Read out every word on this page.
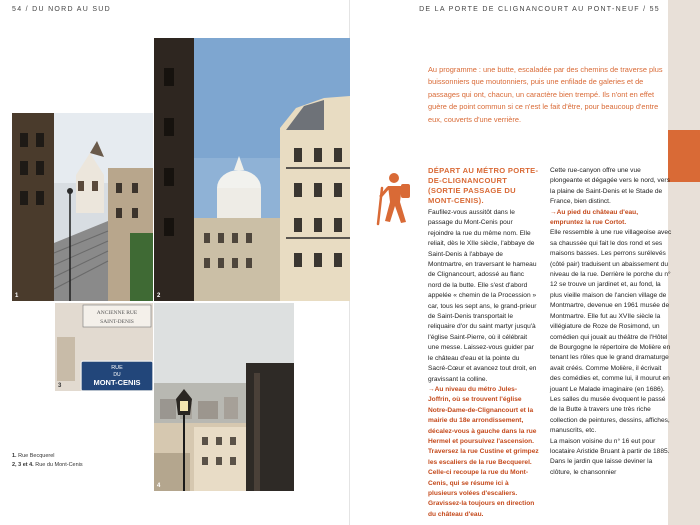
54 / DU NORD AU SUD	DE LA PORTE DE CLIGNANCOURT AU PONT-NEUF / 55
1	2
ANCIENNE RUE
SAINT-DENIS
RUE
DU
MONT-CENIS
3
4
1. Rue Becquerel
2, 3 et 4. Rue du Mont-Cenis
Au programme : une butte, escaladée par des chemins de traverse plus buissonniers que moutonniers, puis une enfilade de galeries et de passages qui ont, chacun, un caractère bien trempé. Ils n'ont en effet guère de point commun si ce n'est le fait d'être, pour beaucoup d'entre eux, couverts d'une verrière.
DÉPART AU MÉTRO PORTE-DE-CLIGNANCOURT (SORTIE PASSAGE DU MONT-CENIS).

Faufilez-vous aussitôt dans le passage du Mont-Cenis pour rejoindre la rue du même nom. Elle reliait, dès le XIIe siècle, l'abbaye de Saint-Denis à l'abbaye de Montmartre, en traversant le hameau de Clignancourt, adossé au flanc nord de la butte. Elle s'est d'abord appelée « chemin de la Procession » car, tous les sept ans, le grand-prieur de Saint-Denis transportait le reliquaire d'or du saint martyr jusqu'à l'église Saint-Pierre, où il célébrait une messe. Laissez-vous guider par le château d'eau et la pointe du Sacré-Cœur et avancez tout droit, en gravissant la colline.

→Au niveau du métro Jules-Joffrin, où se trouvent l'église Notre-Dame-de-Clignancourt et la mairie du 18e arrondissement, décalez-vous à gauche dans la rue Hermel et poursuivez l'ascension. Traversez la rue Custine et grimpez les escaliers de la rue Becquerel. Celle-ci recoupe la rue du Mont-Cenis, qui se résume ici à plusieurs volées d'escaliers. Gravissez-la toujours en direction du château d'eau.

Cette rue-canyon offre une vue plongeante et dégagée vers le nord, vers la plaine de Saint-Denis et le Stade de France, bien distinct.

→Au pied du château d'eau, empruntez la rue Cortot.

Elle ressemble à une rue villageoise avec sa chaussée qui fait le dos rond et ses maisons basses. Les perrons surélevés (côté pair) traduisent un abaissement du niveau de la rue. Derrière le porche du n° 12 se trouve un jardinet et, au fond, la plus vieille maison de l'ancien village de Montmartre, devenue en 1961 musée de Montmartre. Elle fut au XVIIe siècle la villégiature de Roze de Rosimond, un comédien qui jouait au théâtre de l'Hôtel de Bourgogne le répertoire de Molière en tenant les rôles que le grand dramaturge avait créés. Comme Molière, il écrivait des comédies et, comme lui, il mourut en jouant Le Malade imaginaire (en 1686). Les salles du musée évoquent le passé de la Butte à travers une très riche collection de peintures, dessins, affiches, manuscrits, etc.

La maison voisine du n° 16 eut pour locataire Aristide Bruant à partir de 1885. Dans le jardin que laisse deviner la clôture, le chansonnier
